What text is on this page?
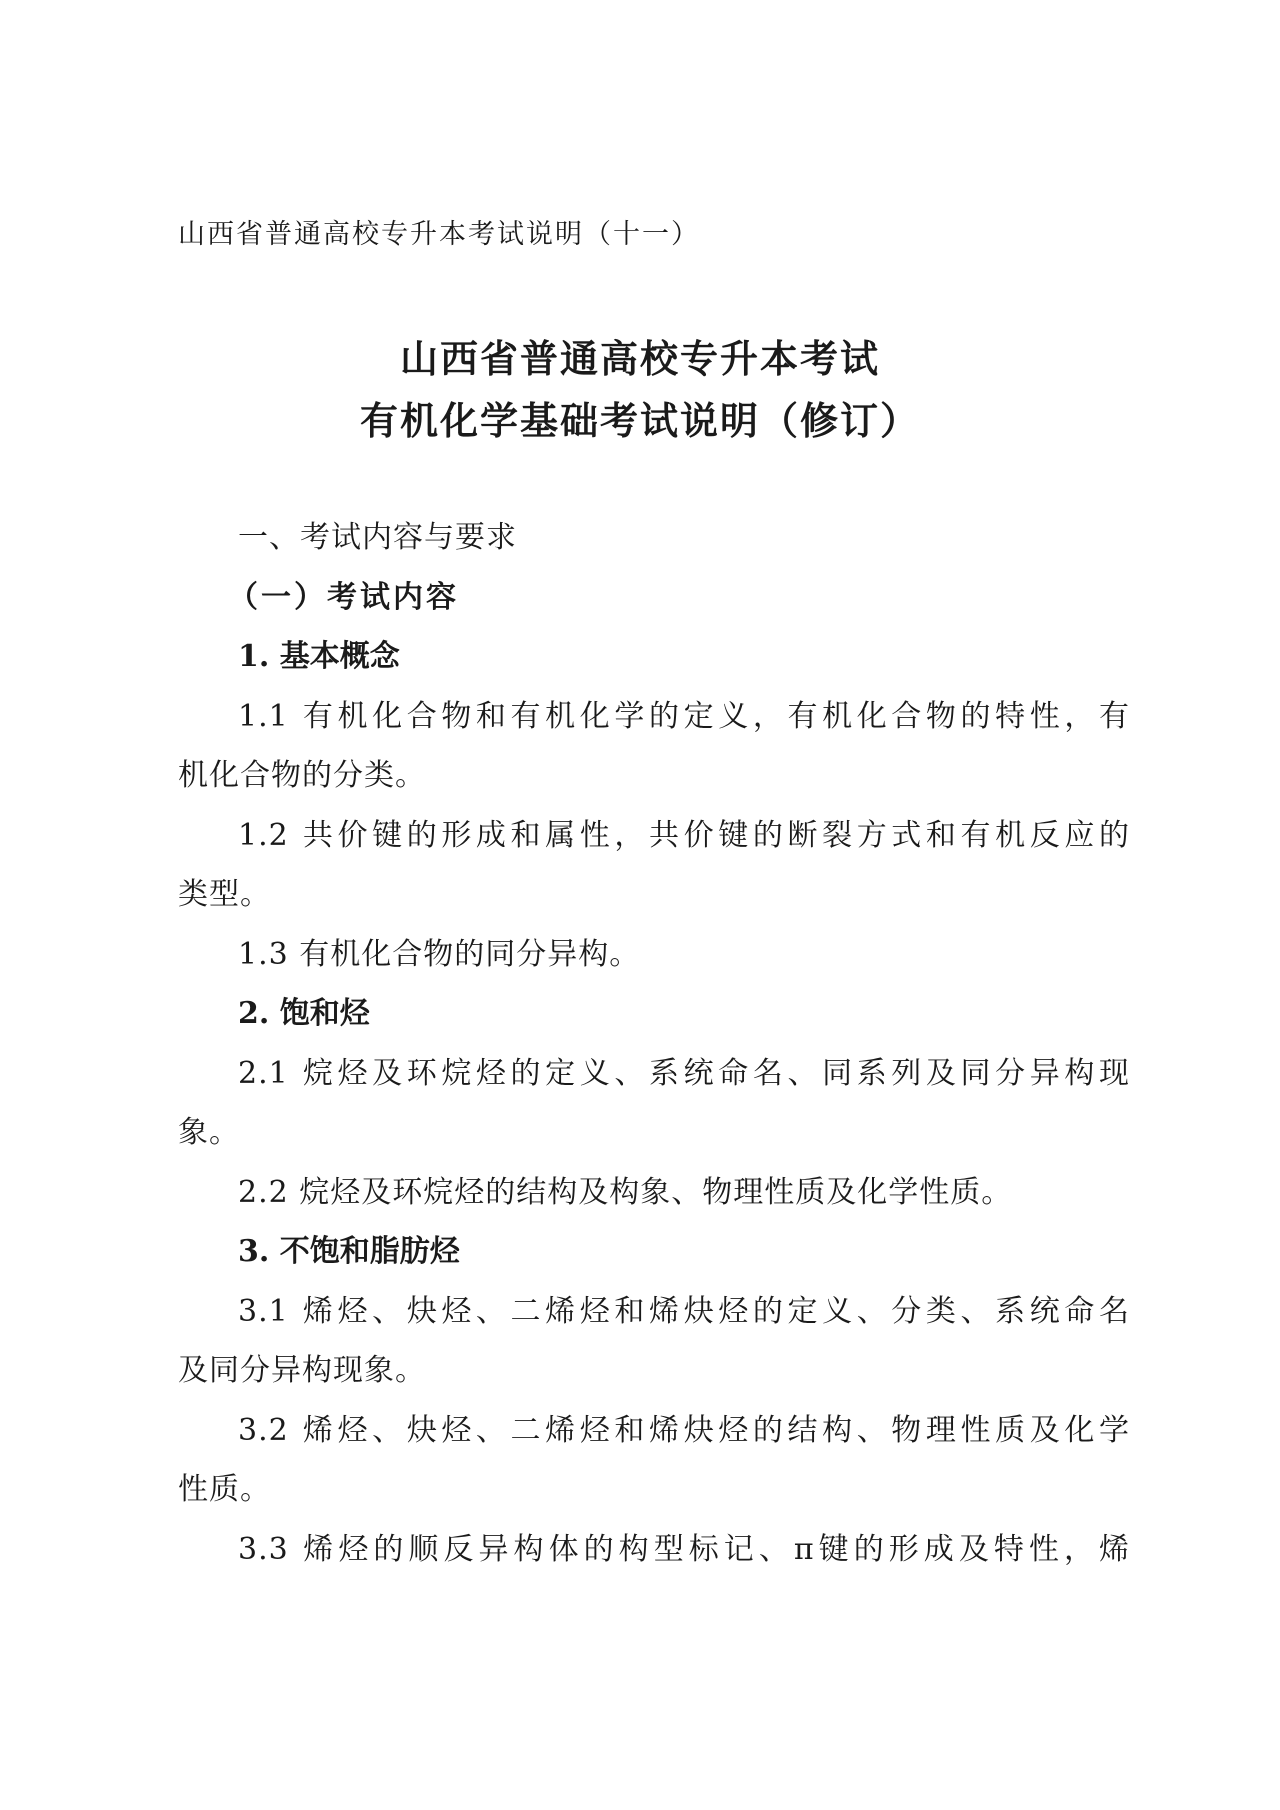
山西省普通高校专升本考试说明（十一）
山西省普通高校专升本考试
有机化学基础考试说明（修订）
一、考试内容与要求
（一）考试内容
1. 基本概念
1.1 有机化合物和有机化学的定义，有机化合物的特性，有
机化合物的分类。
1.2 共价键的形成和属性，共价键的断裂方式和有机反应的
类型。
1.3 有机化合物的同分异构。
2. 饱和烃
2.1 烷烃及环烷烃的定义、系统命名、同系列及同分异构现
象。
2.2 烷烃及环烷烃的结构及构象、物理性质及化学性质。
3. 不饱和脂肪烃
3.1 烯烃、炔烃、二烯烃和烯炔烃的定义、分类、系统命名
及同分异构现象。
3.2 烯烃、炔烃、二烯烃和烯炔烃的结构、物理性质及化学
性质。
3.3 烯烃的顺反异构体的构型标记、π键的形成及特性，烯
